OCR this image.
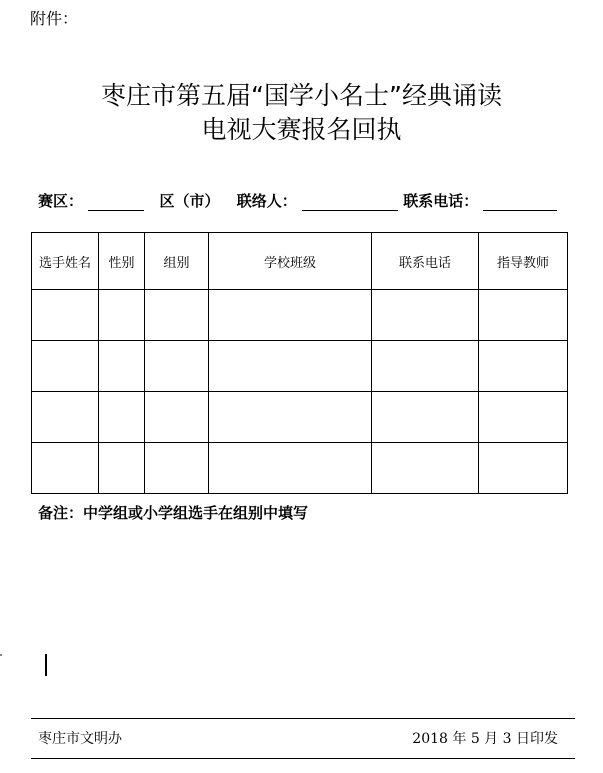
附件：
枣庄市第五届“国学小名士”经典诵读
电视大赛报名回执
赛区：	区（市） 联络人：	联系电话：
选手姓名	性别	组别	学校班级	联系电话	指导教师

备注：中学组或小学组选手在组别中填写
枣庄市文明办	2018 年 5 月 3 日印发
